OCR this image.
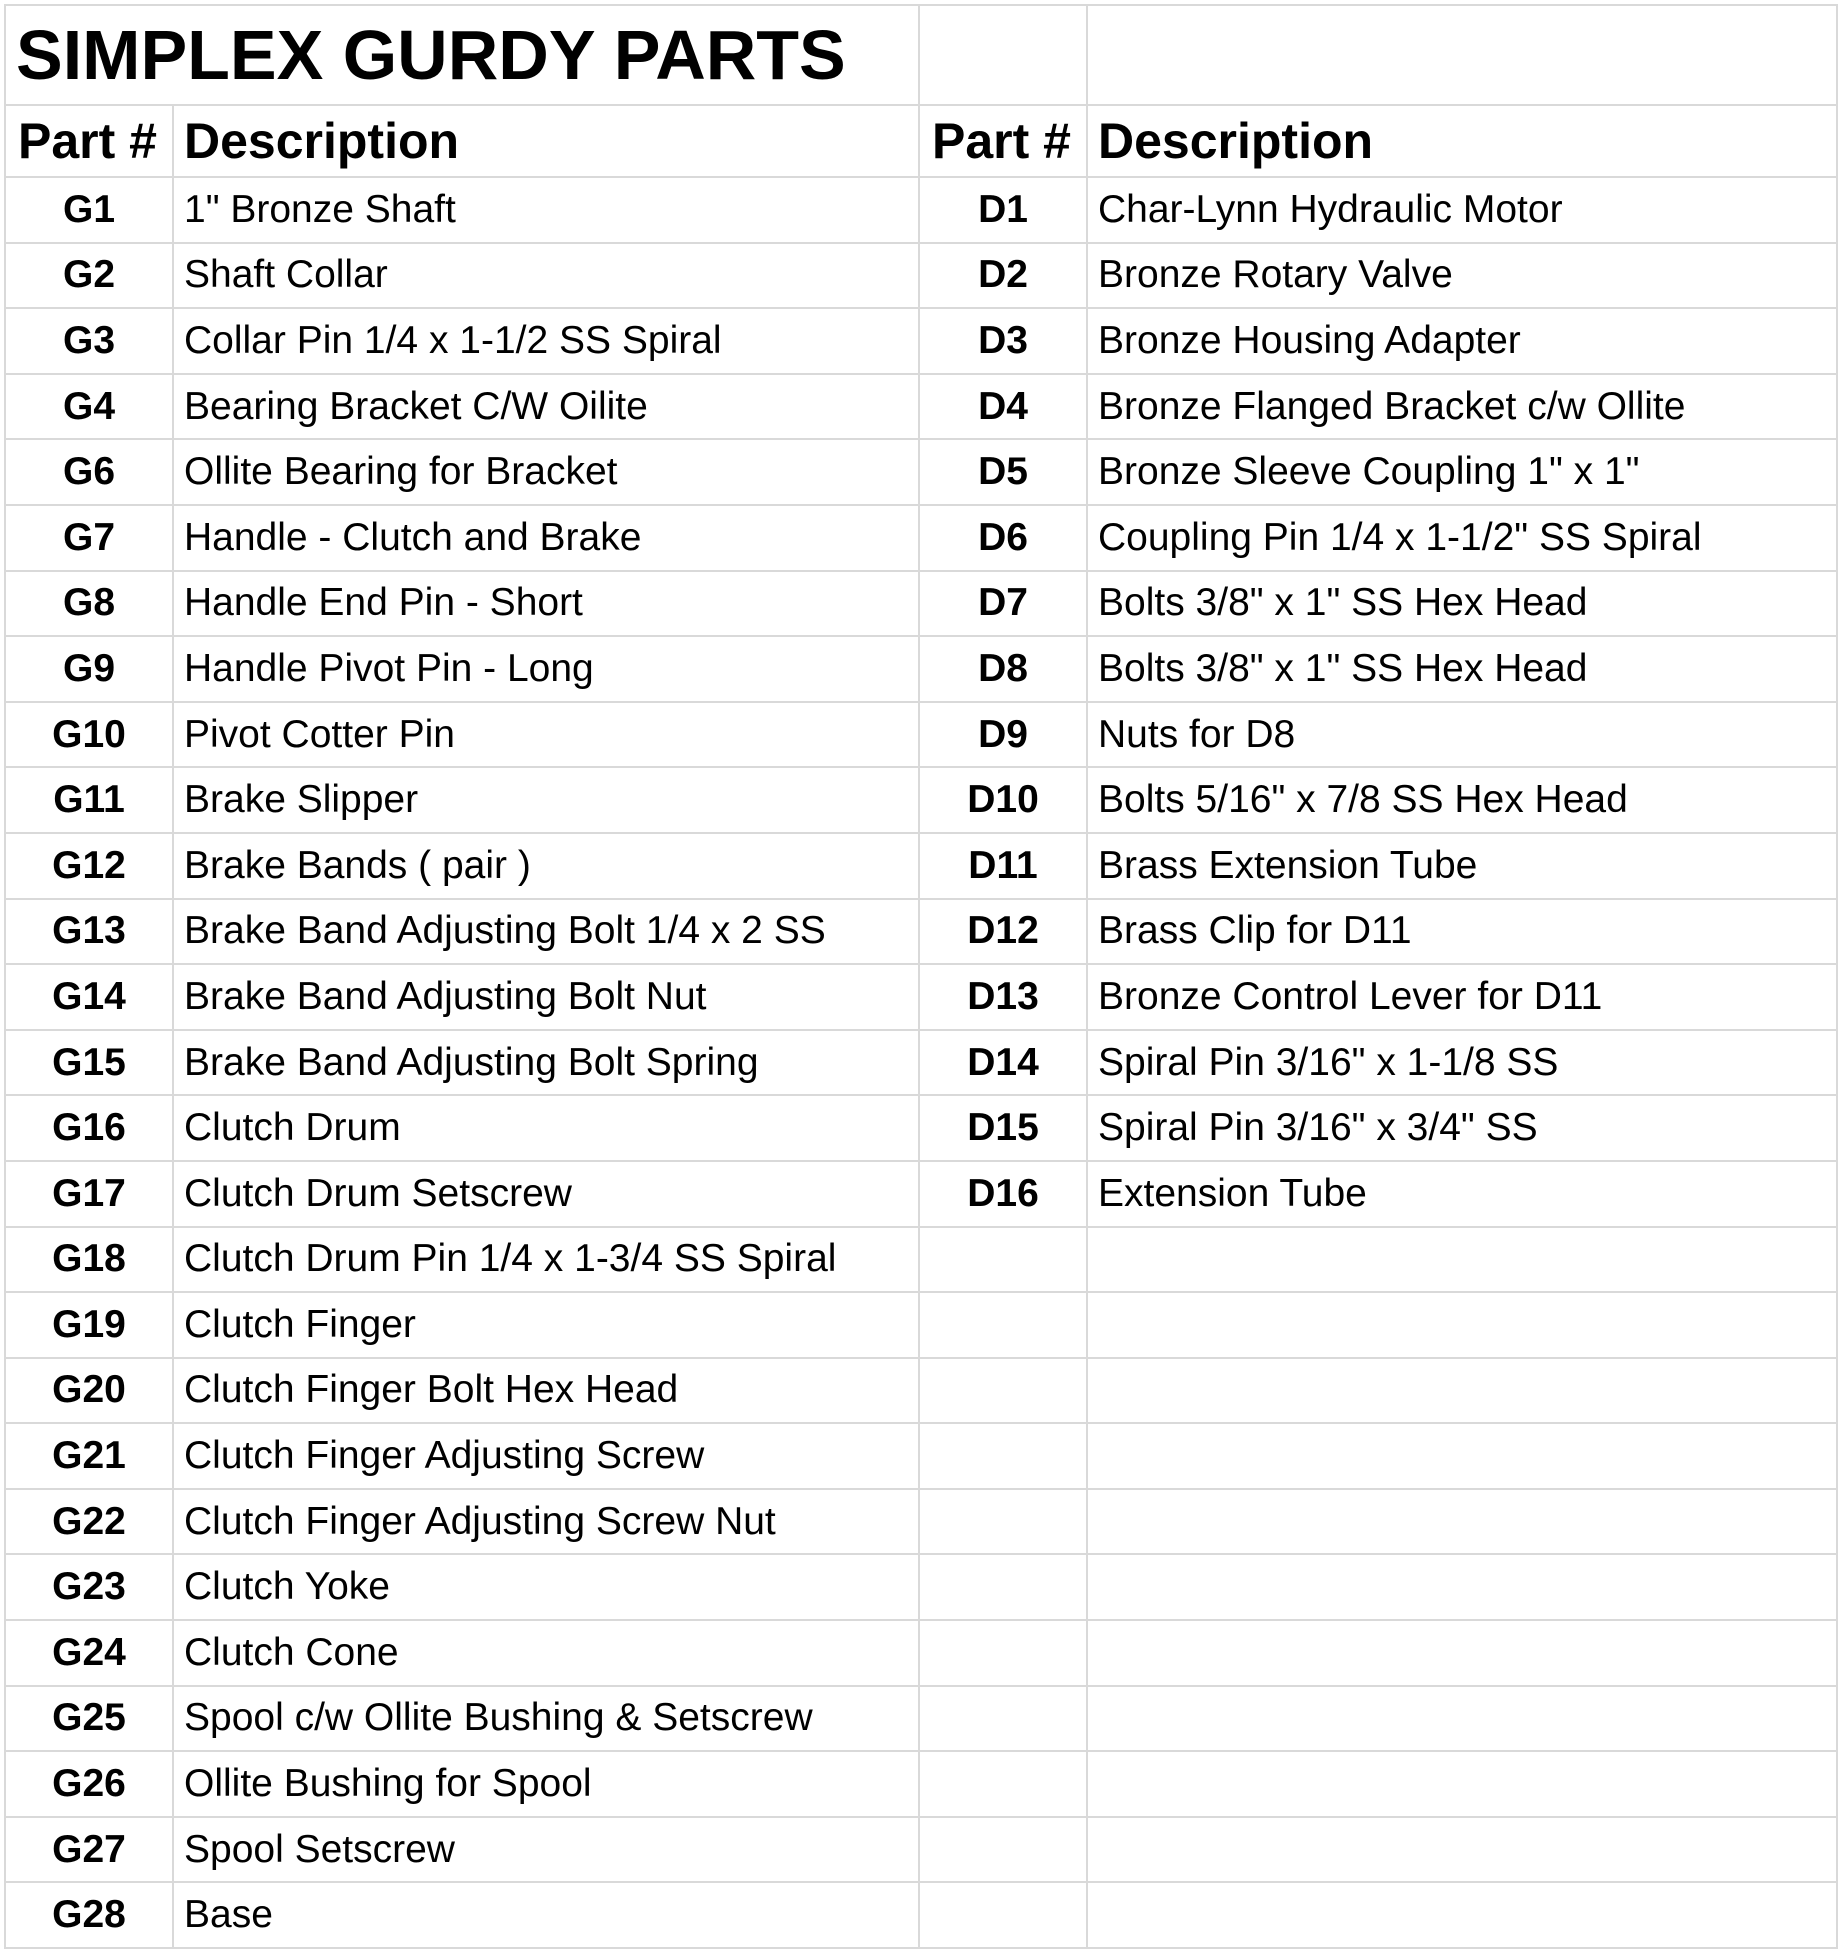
SIMPLEX GURDY PARTS			
Part #	Description	Part #	Description
G1	1" Bronze Shaft	D1	Char-Lynn Hydraulic Motor
G2	Shaft Collar	D2	Bronze Rotary Valve
G3	Collar Pin 1/4 x 1-1/2 SS Spiral	D3	Bronze Housing Adapter
G4	Bearing Bracket C/W Oilite	D4	Bronze Flanged Bracket c/w Ollite
G6	Ollite Bearing for Bracket	D5	Bronze Sleeve Coupling 1" x 1"
G7	Handle - Clutch and Brake	D6	Coupling Pin 1/4 x 1-1/2" SS Spiral
G8	Handle End Pin - Short	D7	Bolts 3/8" x 1" SS Hex Head
G9	Handle Pivot Pin - Long	D8	Bolts 3/8" x 1" SS Hex Head
G10	Pivot Cotter Pin	D9	Nuts for D8
G11	Brake Slipper	D10	Bolts 5/16" x 7/8 SS Hex Head
G12	Brake Bands ( pair )	D11	Brass Extension Tube
G13	Brake Band Adjusting Bolt 1/4 x 2 SS	D12	Brass Clip for D11
G14	Brake Band Adjusting Bolt Nut	D13	Bronze Control Lever for D11
G15	Brake Band Adjusting Bolt Spring	D14	Spiral Pin 3/16" x 1-1/8 SS
G16	Clutch Drum	D15	Spiral Pin 3/16" x 3/4" SS
G17	Clutch Drum Setscrew	D16	Extension Tube
G18	Clutch Drum Pin 1/4 x 1-3/4 SS Spiral		
G19	Clutch Finger		
G20	Clutch Finger Bolt Hex Head		
G21	Clutch Finger Adjusting Screw		
G22	Clutch Finger Adjusting Screw Nut		
G23	Clutch Yoke		
G24	Clutch Cone		
G25	Spool c/w Ollite Bushing & Setscrew		
G26	Ollite Bushing for Spool		
G27	Spool Setscrew		
G28	Base		
